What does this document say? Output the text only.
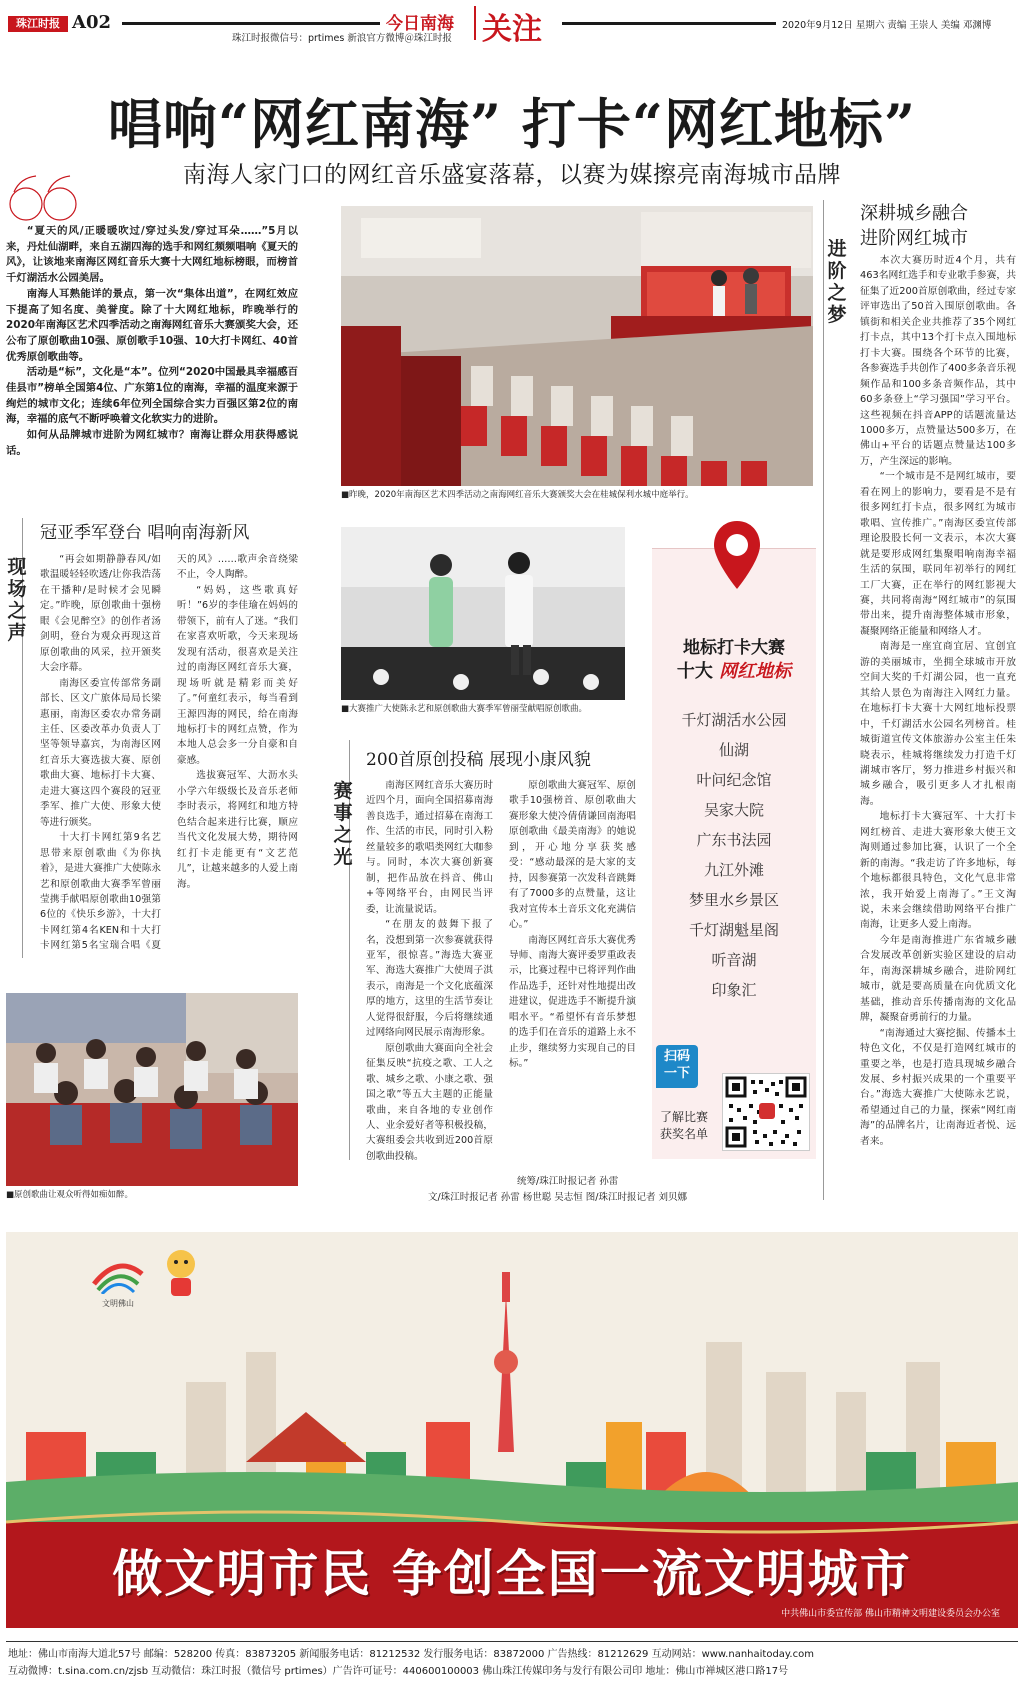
珠江时报 A02
珠江时报微信号：prtimes 新浪官方微博＠珠江时报
今日南海 关注	2020年9月12日 星期六 责编 王崇人 美编 邓渊博
唱响“网红南海” 打卡“网红地标”
南海人家门口的网红音乐盛宴落幕，以赛为媒擦亮南海城市品牌

“夏天的风/正暖暖吹过/穿过头发/穿过耳朵……”5月以来，丹灶仙湖畔，来自五湖四海的选手和网红频频唱响《夏天的风》，让该地来南海区网红音乐大赛十大网红地标榜眼，而榜首千灯湖活水公园美居。

南海人耳熟能详的景点，第一次“集体出道”，在网红效应下提高了知名度、美誉度。除了十大网红地标，昨晚举行的2020年南海区艺术四季活动之南海网红音乐大赛颁奖大会，还公布了原创歌曲10强、原创歌手10强、10大打卡网红、40首优秀原创歌曲等。

活动是“标”，文化是“本”。位列“2020中国最具幸福感百佳县市”榜单全国第4位、广东第1位的南海，幸福的温度来源于绚烂的城市文化；连续6年位列全国综合实力百强区第2位的南海，幸福的底气不断呼唤着文化软实力的进阶。

如何从品牌城市进阶为网红城市？南海让群众用获得感说话。

■昨晚，2020年南海区艺术四季活动之南海网红音乐大赛颁奖大会在桂城保利水城中庭举行。
进阶之梦
深耕城乡融合
进阶网红城市

本次大赛历时近4个月，共有463名网红选手和专业歌手参赛，共征集了近200首原创歌曲，经过专家评审选出了50首入围原创歌曲。各镇街和相关企业共推荐了35个网红打卡点，其中13个打卡点入围地标打卡大赛。围绕各个环节的比赛，各参赛选手共创作了400多条音乐视频作品和100多条音频作品，其中60多条登上“学习强国”学习平台。这些视频在抖音APP的话题流量达1000多万，点赞量达500多万，在佛山+平台的话题点赞量达100多万，产生深远的影响。

“一个城市是不是网红城市，要看在网上的影响力，要看是不是有很多网红打卡点，很多网红为城市歌唱、宣传推广。”南海区委宣传部理论股股长何一文表示，本次大赛就是要形成网红集聚唱响南海幸福生活的氛围，联同年初举行的网红工厂大赛，正在举行的网红影视大赛，共同将南海“网红城市”的氛围带出来，提升南海整体城市形象，凝聚网络正能量和网络人才。

南海是一座宜商宜居、宜创宜游的美丽城市，坐拥全球城市开放空间大奖的千灯湖公园，也一直充其给人景色为南海注入网红力量。在地标打卡大赛十大网红地标投票中，千灯湖活水公园名列榜首。桂城街道宣传文体旅游办公室主任朱晓表示，桂城将继续发力打造千灯湖城市客厅，努力推进乡村振兴和城乡融合，吸引更多人才扎根南海。

地标打卡大赛冠军、十大打卡网红榜首、走进大赛形象大使王文淘则通过参加比赛，认识了一个全新的南海。“我走访了许多地标，每个地标都很具特色，文化气息非常浓，我开始爱上南海了。”王文淘说，未来会继续借助网络平台推广南海，让更多人爱上南海。

今年是南海推进广东省城乡融合发展改革创新实验区建设的启动年，南海深耕城乡融合，进阶网红城市，就是要高质量在向优质文化基础，推动音乐传播南海的文化品牌，凝聚奋勇前行的力量。

“南海通过大赛挖掘、传播本土特色文化，不仅是打造网红城市的重要之举，也是打造具现城乡融合发展、乡村振兴成果的一个重要平台。”海选大赛推广大使陈永艺说，希望通过自己的力量，探索“网红南海”的品牌名片，让南海近者悦、远者来。

现场之声
冠亚季军登台 唱响南海新风

“再会如期静静春风/如歌温暖轻轻吹透/让你我浩荡在干播种/是时候才会见瞬定。”昨晚，原创歌曲十强榜眼《会见醉空》的创作者汤剑明，登台为观众再现这首原创歌曲的风采，拉开颁奖大会序幕。

南海区委宣传部常务副部长、区文广旅体局局长梁惠丽，南海区委农办常务副主任、区委改革办负责人丁坚等领导嘉宾，为南海区网红音乐大赛选拔大赛、原创歌曲大赛、地标打卡大赛、走进大赛这四个赛段的冠亚季军、推广大使、形象大使等进行颁奖。

十大打卡网红第9名艺思带来原创歌曲《为你执着》，是进大赛推广大使陈永艺和原创歌曲大赛季军曾丽莹携手献唱原创歌曲10强第6位的《快乐乡游》，十大打卡网红第4名KEN和十大打卡网红第5名宝瑞合唱《夏天的风》……歌声余音绕梁不止，令人陶醉。

“妈妈，这些歌真好听！”6岁的李佳瑜在妈妈的带领下，前有人了迷。“我们在家喜欢听歌，今天来现场发现有活动，很喜欢是关注过的南海区网红音乐大赛，现场听就是精彩而美好了。”何童红表示，每当看到王源四海的网民，给在南海地标打卡的网红点赞，作为本地人总会多一分自豪和自豪感。

选拔赛冠军、大沥水头小学六年级级长及音乐老师李时表示，将网红和地方特色结合起来进行比赛，顺应当代文化发展大势，期待网红打卡走能更有“文艺范儿”，让越来越多的人爱上南海。

■大赛推广大使陈永艺和原创歌曲大赛季军曾丽莹献唱原创歌曲。
地标打卡大赛
十大 网红地标
千灯湖活水公园
仙湖
叶问纪念馆
吴家大院
广东书法园
九江外滩
梦里水乡景区
千灯湖魁星阁
听音湖
印象汇
扫码
一下
了解比赛
获奖名单
赛事之光
200首原创投稿 展现小康风貌

南海区网红音乐大赛历时近四个月，面向全国招募南海善良选手，通过招募在南海工作、生活的市民，同时引入粉丝量较多的歌唱类网红大咖参与。同时，本次大赛创新赛制，把作品放在抖音、佛山+等网络平台，由网民当评委，让流量说话。

“在朋友的鼓舞下报了名，没想到第一次参赛就获得亚军，很惊喜。”海选大赛亚军、海选大赛推广大使周子淇表示，南海是一个文化底蕴深厚的地方，这里的生活节奏让人觉得很舒服，今后将继续通过网络向网民展示南海形象。

原创歌曲大赛面向全社会征集反映“抗疫之歌、工人之歌、城乡之歌、小康之歌、强国之歌”等五大主题的正能量歌曲，来自各地的专业创作人、业余爱好者等积极投稿，大赛组委会共收到近200首原创歌曲投稿。

原创歌曲大赛冠军、原创歌手10强榜首、原创歌曲大赛形象大使冷倩倩谦回南海唱原创歌曲《最美南海》的她说到，开心地分享获奖感受：“感动最深的是大家的支持，因参赛第一次发科音跳舞有了7000多的点赞量，这让我对宣传本土音乐文化充满信心。”

南海区网红音乐大赛优秀导师、南海大赛评委罗重政表示，比赛过程中已将评判作曲作品选手，还针对性地提出改进建议，促进选手不断提升演唱水平。“希望怀有音乐梦想的选手们在音乐的道路上永不止步，继续努力实现自己的目标。”

■原创歌曲让观众听得如痴如醉。
统筹/珠江时报记者 孙雷
文/珠江时报记者 孙雷 杨世聪 吴志恒 图/珠江时报记者 刘贝娜
文明佛山
做文明市民 争创全国一流文明城市
中共佛山市委宣传部 佛山市精神文明建设委员会办公室
地址：佛山市南海大道北57号 邮编：528200 传真：83873205 新闻服务电话：81212532 发行服务电话：83872000 广告热线：81212629 互动网站：www.nanhaitoday.com
互动微博：t.sina.com.cn/zjsb 互动微信：珠江时报（微信号 prtimes）广告许可证号：440600100003 佛山珠江传媒印务与发行有限公司印 地址：佛山市禅城区港口路17号
